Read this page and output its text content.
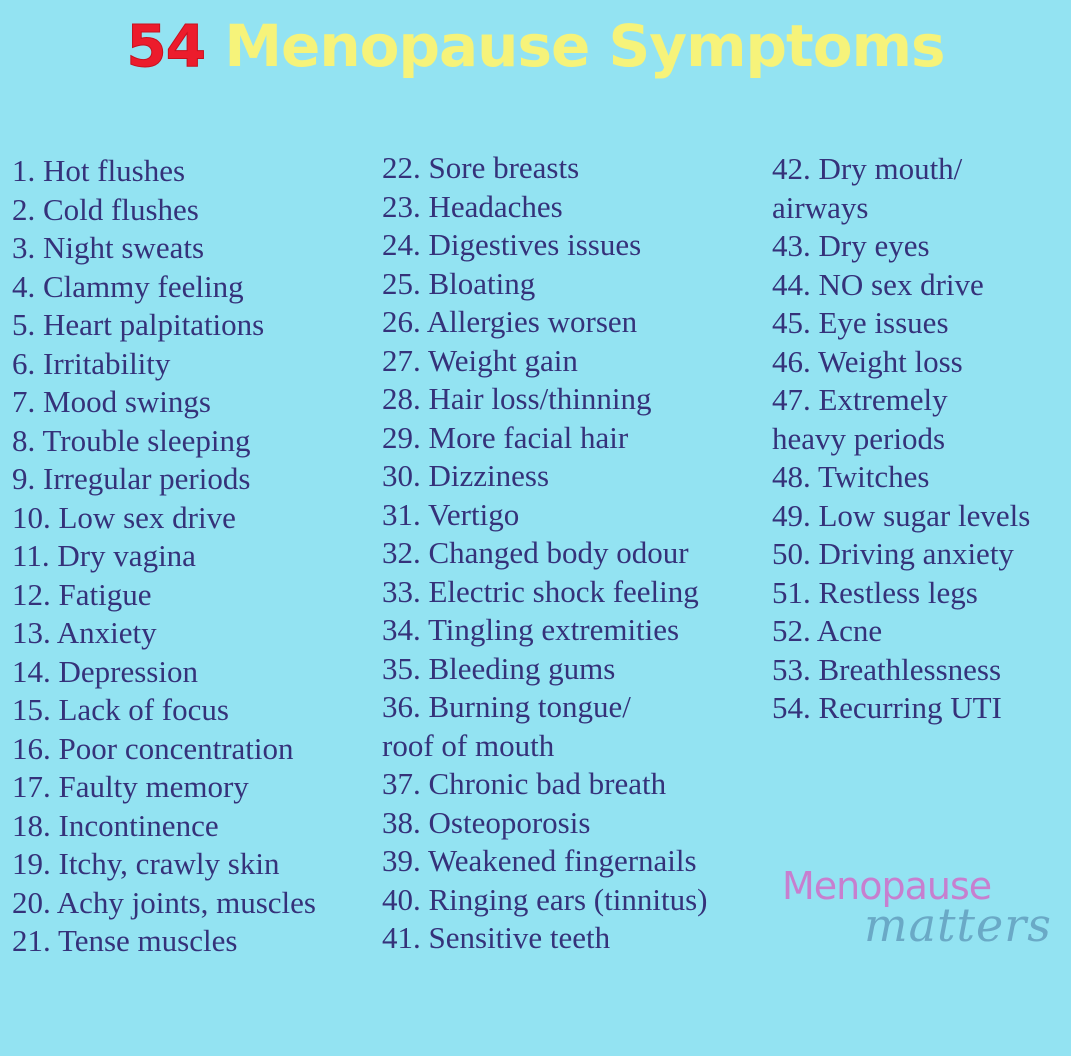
54 Menopause Symptoms
1. Hot flushes
2. Cold flushes
3. Night sweats
4. Clammy feeling
5. Heart palpitations
6. Irritability
7. Mood swings
8. Trouble sleeping
9. Irregular periods
10. Low sex drive
11. Dry vagina
12. Fatigue
13. Anxiety
14. Depression
15. Lack of focus
16. Poor concentration
17. Faulty memory
18. Incontinence
19. Itchy, crawly skin
20. Achy joints, muscles
21. Tense muscles
22. Sore breasts
23. Headaches
24. Digestives issues
25. Bloating
26. Allergies worsen
27. Weight gain
28. Hair loss/thinning
29. More facial hair
30. Dizziness
31. Vertigo
32. Changed body odour
33. Electric shock feeling
34. Tingling extremities
35. Bleeding gums
36. Burning tongue/
roof of mouth
37. Chronic bad breath
38. Osteoporosis
39. Weakened fingernails
40. Ringing ears (tinnitus)
41. Sensitive teeth
42. Dry mouth/
airways
43. Dry eyes
44. NO sex drive
45. Eye issues
46. Weight loss
47. Extremely
heavy periods
48. Twitches
49. Low sugar levels
50. Driving anxiety
51. Restless legs
52. Acne
53. Breathlessness
54. Recurring UTI
Menopause
matters
